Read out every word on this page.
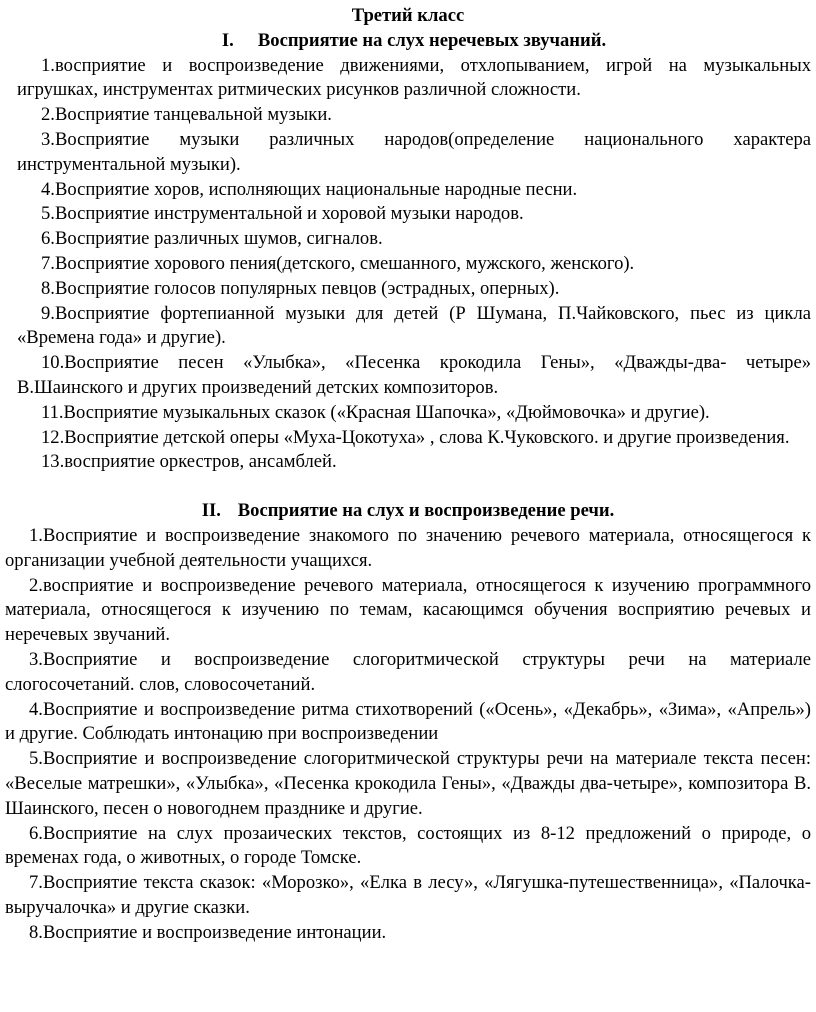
Третий класс
I. Восприятие на слух неречевых звучаний.

1.восприятие и воспроизведение движениями, отхлопыванием, игрой на музыкальных игрушках, инструментах ритмических рисунков различной сложности.

2.Восприятие танцевальной музыки.

3.Восприятие музыки различных народов(определение национального характера инструментальной музыки).

4.Восприятие хоров, исполняющих национальные народные песни.

5.Восприятие инструментальной и хоровой музыки народов.

6.Восприятие различных шумов, сигналов.

7.Восприятие хорового пения(детского, смешанного, мужского, женского).

8.Восприятие голосов популярных певцов (эстрадных, оперных).

9.Восприятие фортепианной музыки для детей (Р Шумана, П.Чайковского, пьес из цикла «Времена года» и другие).

10.Восприятие песен «Улыбка», «Песенка крокодила Гены», «Дважды-два- четыре» В.Шаинского и других произведений детских композиторов.

11.Восприятие музыкальных сказок («Красная Шапочка», «Дюймовочка» и другие).

12.Восприятие детской оперы «Муха-Цокотуха» , слова К.Чуковского. и другие произведения.

13.восприятие оркестров, ансамблей.

II. Восприятие на слух и воспроизведение речи.

1.Восприятие и воспроизведение знакомого по значению речевого материала, относящегося к организации учебной деятельности учащихся.

2.восприятие и воспроизведение речевого материала, относящегося к изучению программного материала, относящегося к изучению по темам, касающимся обучения восприятию речевых и неречевых звучаний.

3.Восприятие и воспроизведение слогоритмической структуры речи на материале слогосочетаний. слов, словосочетаний.

4.Восприятие и воспроизведение ритма стихотворений («Осень», «Декабрь», «Зима», «Апрель») и другие. Соблюдать интонацию при воспроизведении

5.Восприятие и воспроизведение слогоритмической структуры речи на материале текста песен: «Веселые матрешки», «Улыбка», «Песенка крокодила Гены», «Дважды два-четыре», композитора В. Шаинского, песен о новогоднем празднике и другие.

6.Восприятие на слух прозаических текстов, состоящих из 8-12 предложений о природе, о временах года, о животных, о городе Томске.

7.Восприятие текста сказок: «Морозко», «Елка в лесу», «Лягушка-путешественница», «Палочка-выручалочка» и другие сказки.

8.Восприятие и воспроизведение интонации.
